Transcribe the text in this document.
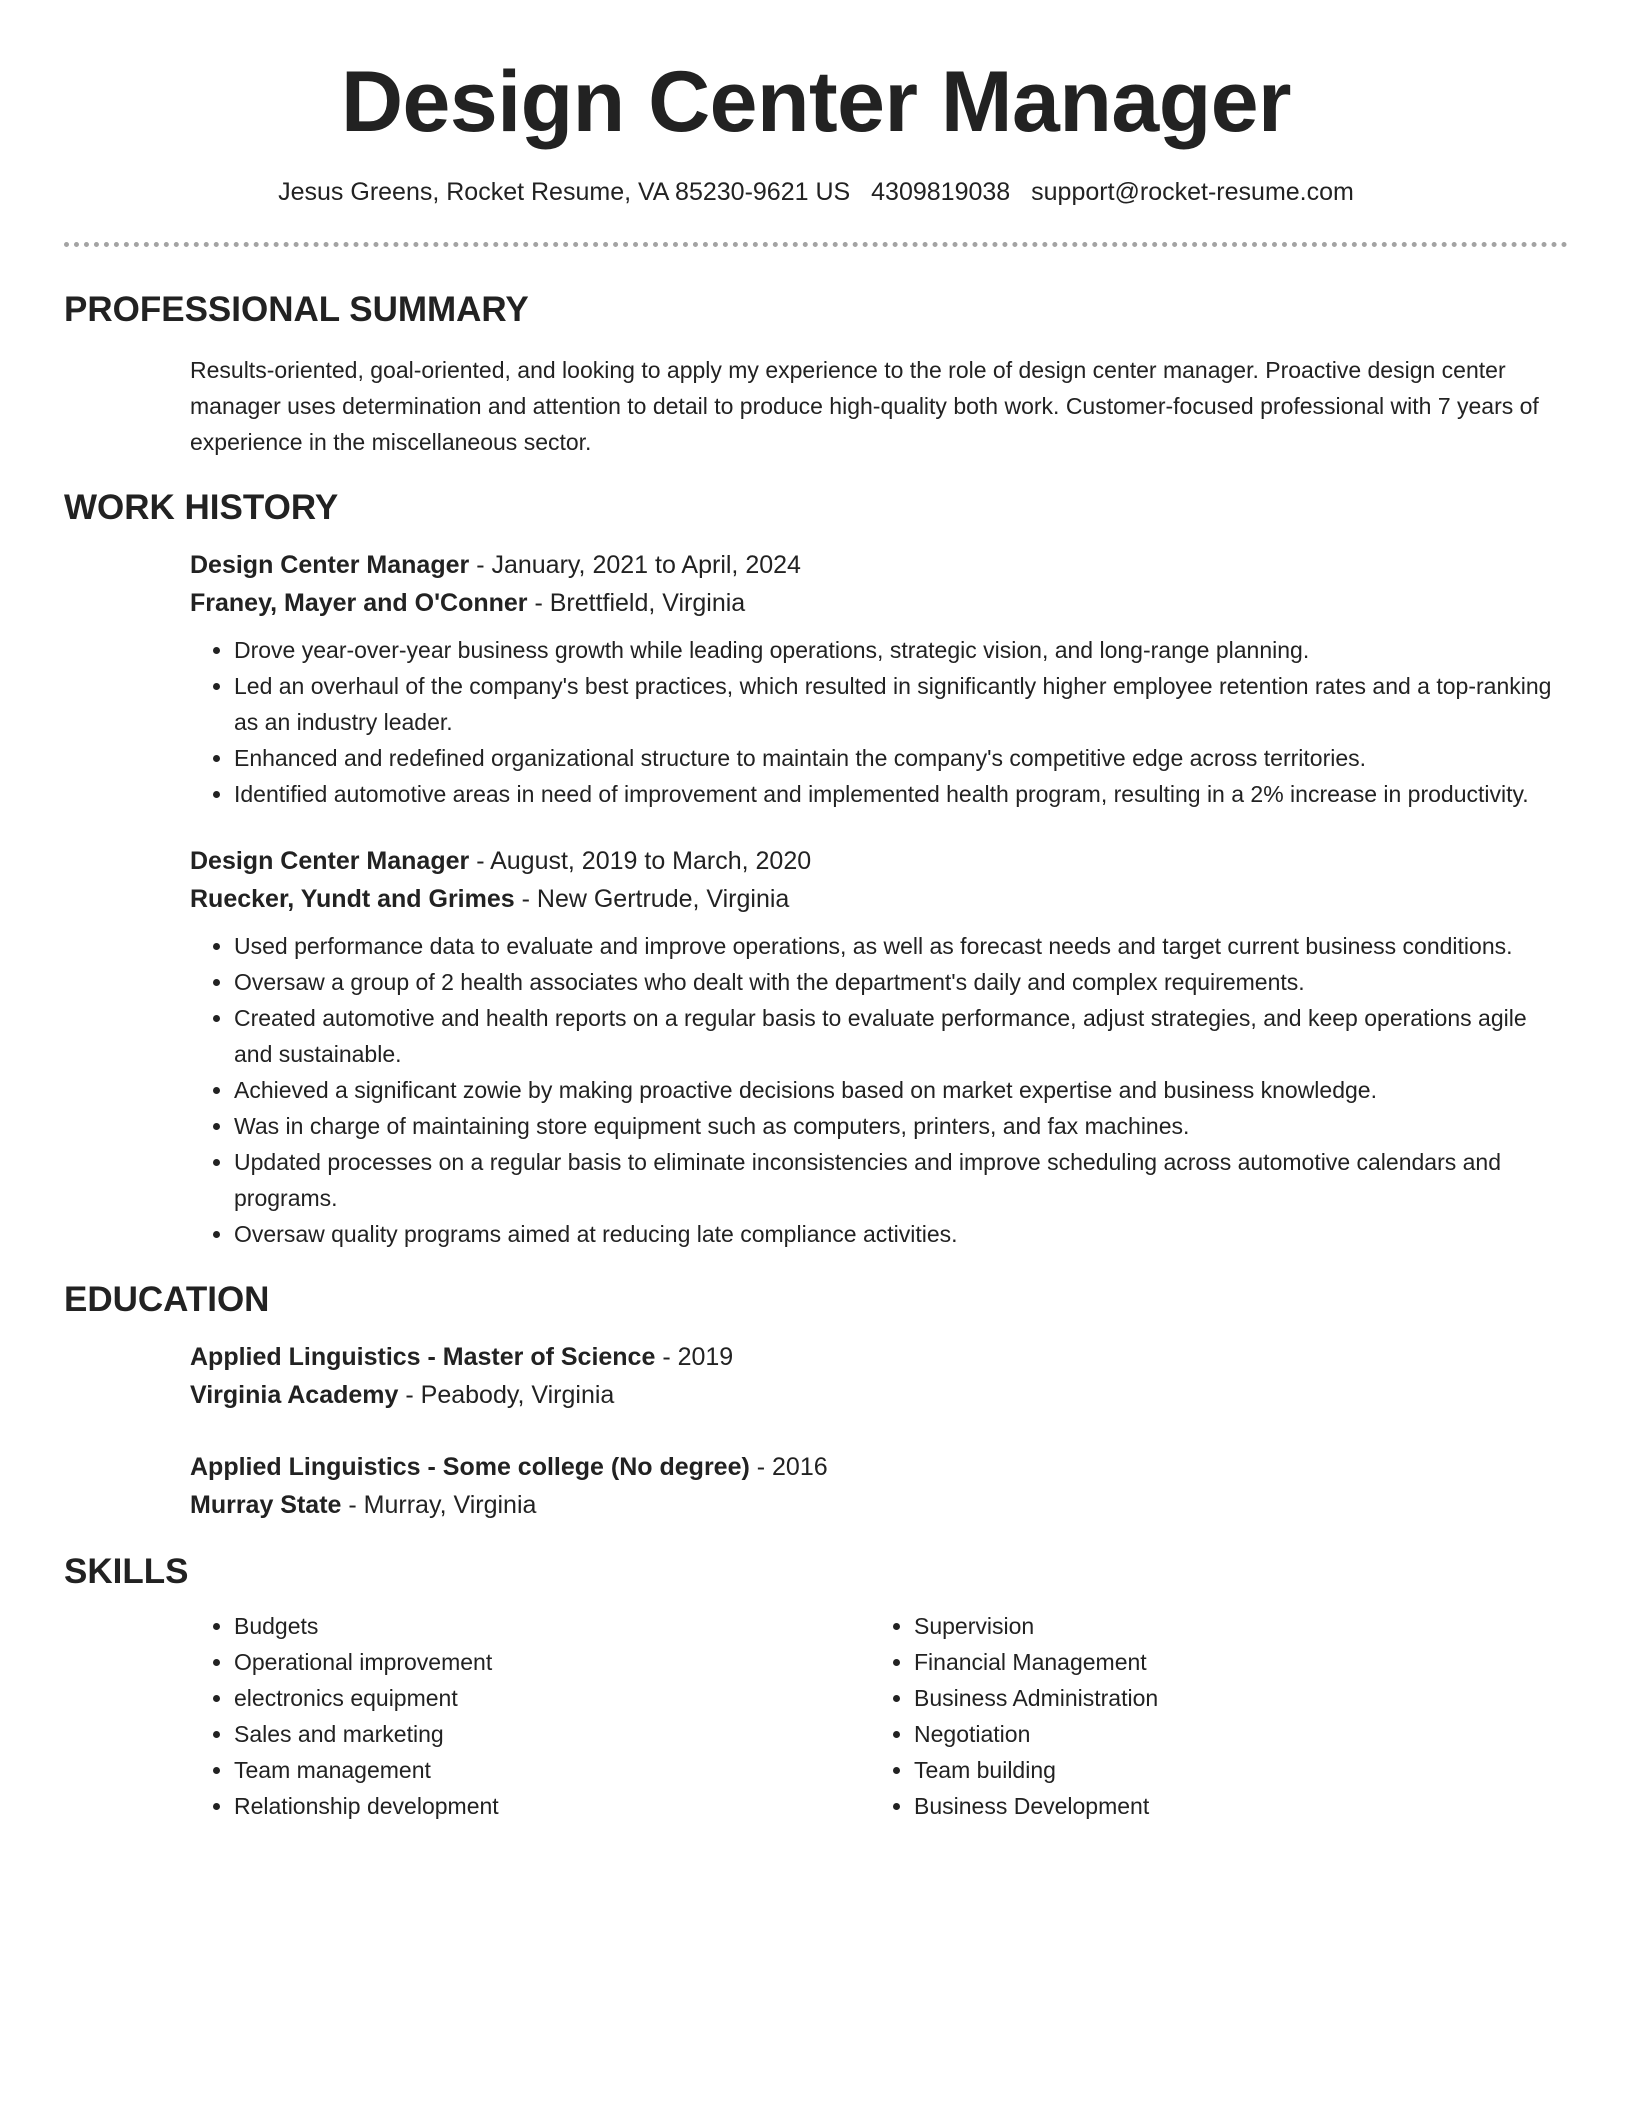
Design Center Manager
Jesus Greens, Rocket Resume, VA 85230-9621 US 4309819038 support@rocket-resume.com
PROFESSIONAL SUMMARY

Results-oriented, goal-oriented, and looking to apply my experience to the role of design center manager. Proactive design center manager uses determination and attention to detail to produce high-quality both work. Customer-focused professional with 7 years of experience in the miscellaneous sector.

WORK HISTORY

Design Center Manager - January, 2021 to April, 2024

Franey, Mayer and O'Conner - Brettfield, Virginia

• Drove year-over-year business growth while leading operations, strategic vision, and long-range planning.
• Led an overhaul of the company's best practices, which resulted in significantly higher employee retention rates and a top-ranking as an industry leader.
• Enhanced and redefined organizational structure to maintain the company's competitive edge across territories.
• Identified automotive areas in need of improvement and implemented health program, resulting in a 2% increase in productivity.

Design Center Manager - August, 2019 to March, 2020

Ruecker, Yundt and Grimes - New Gertrude, Virginia

• Used performance data to evaluate and improve operations, as well as forecast needs and target current business conditions.
• Oversaw a group of 2 health associates who dealt with the department's daily and complex requirements.
• Created automotive and health reports on a regular basis to evaluate performance, adjust strategies, and keep operations agile and sustainable.
• Achieved a significant zowie by making proactive decisions based on market expertise and business knowledge.
• Was in charge of maintaining store equipment such as computers, printers, and fax machines.
• Updated processes on a regular basis to eliminate inconsistencies and improve scheduling across automotive calendars and programs.
• Oversaw quality programs aimed at reducing late compliance activities.
EDUCATION

Applied Linguistics - Master of Science - 2019

Virginia Academy - Peabody, Virginia

Applied Linguistics - Some college (No degree) - 2016

Murray State - Murray, Virginia

SKILLS
• Budgets
• Operational improvement
• electronics equipment
• Sales and marketing
• Team management
• Relationship development
• Supervision
• Financial Management
• Business Administration
• Negotiation
• Team building
• Business Development
